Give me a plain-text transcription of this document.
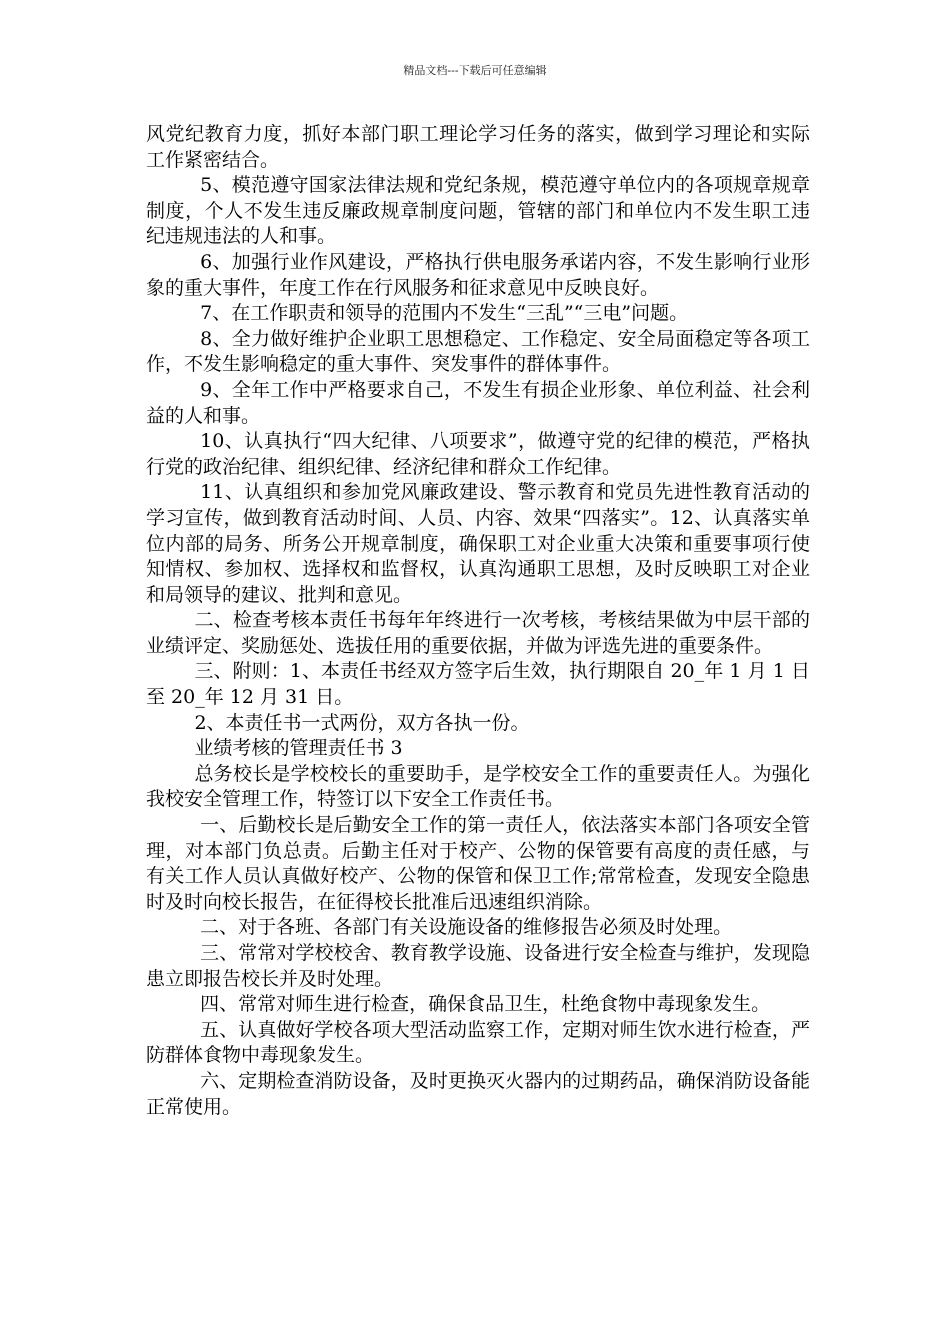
精品文档---下载后可任意编辑

风党纪教育力度，抓好本部门职工理论学习任务的落实，做到学习理论和实际工作紧密结合。

5、模范遵守国家法律法规和党纪条规，模范遵守单位内的各项规章规章制度，个人不发生违反廉政规章制度问题，管辖的部门和单位内不发生职工违纪违规违法的人和事。

6、加强行业作风建设，严格执行供电服务承诺内容，不发生影响行业形象的重大事件，年度工作在行风服务和征求意见中反映良好。

7、在工作职责和领导的范围内不发生“三乱”“三电”问题。

8、全力做好维护企业职工思想稳定、工作稳定、安全局面稳定等各项工作，不发生影响稳定的重大事件、突发事件的群体事件。

9、全年工作中严格要求自己，不发生有损企业形象、单位利益、社会利益的人和事。

10、认真执行“四大纪律、八项要求”，做遵守党的纪律的模范，严格执行党的政治纪律、组织纪律、经济纪律和群众工作纪律。

11、认真组织和参加党风廉政建设、警示教育和党员先进性教育活动的学习宣传，做到教育活动时间、人员、内容、效果“四落实”。12、认真落实单位内部的局务、所务公开规章制度，确保职工对企业重大决策和重要事项行使知情权、参加权、选择权和监督权，认真沟通职工思想，及时反映职工对企业和局领导的建议、批判和意见。

二、检查考核本责任书每年年终进行一次考核，考核结果做为中层干部的业绩评定、奖励惩处、选拔任用的重要依据，并做为评选先进的重要条件。

三、附则：1、本责任书经双方签字后生效，执行期限自 20_年 1 月 1 日至 20_年 12 月 31 日。

2、本责任书一式两份，双方各执一份。

业绩考核的管理责任书 3

总务校长是学校校长的重要助手，是学校安全工作的重要责任人。为强化我校安全管理工作，特签订以下安全工作责任书。

一、后勤校长是后勤安全工作的第一责任人，依法落实本部门各项安全管理，对本部门负总责。后勤主任对于校产、公物的保管要有高度的责任感，与有关工作人员认真做好校产、公物的保管和保卫工作;常常检查，发现安全隐患时及时向校长报告，在征得校长批准后迅速组织消除。

二、对于各班、各部门有关设施设备的维修报告必须及时处理。

三、常常对学校校舍、教育教学设施、设备进行安全检查与维护，发现隐患立即报告校长并及时处理。

四、常常对师生进行检查，确保食品卫生，杜绝食物中毒现象发生。

五、认真做好学校各项大型活动监察工作，定期对师生饮水进行检查，严防群体食物中毒现象发生。

六、定期检查消防设备，及时更换灭火器内的过期药品，确保消防设备能正常使用。
